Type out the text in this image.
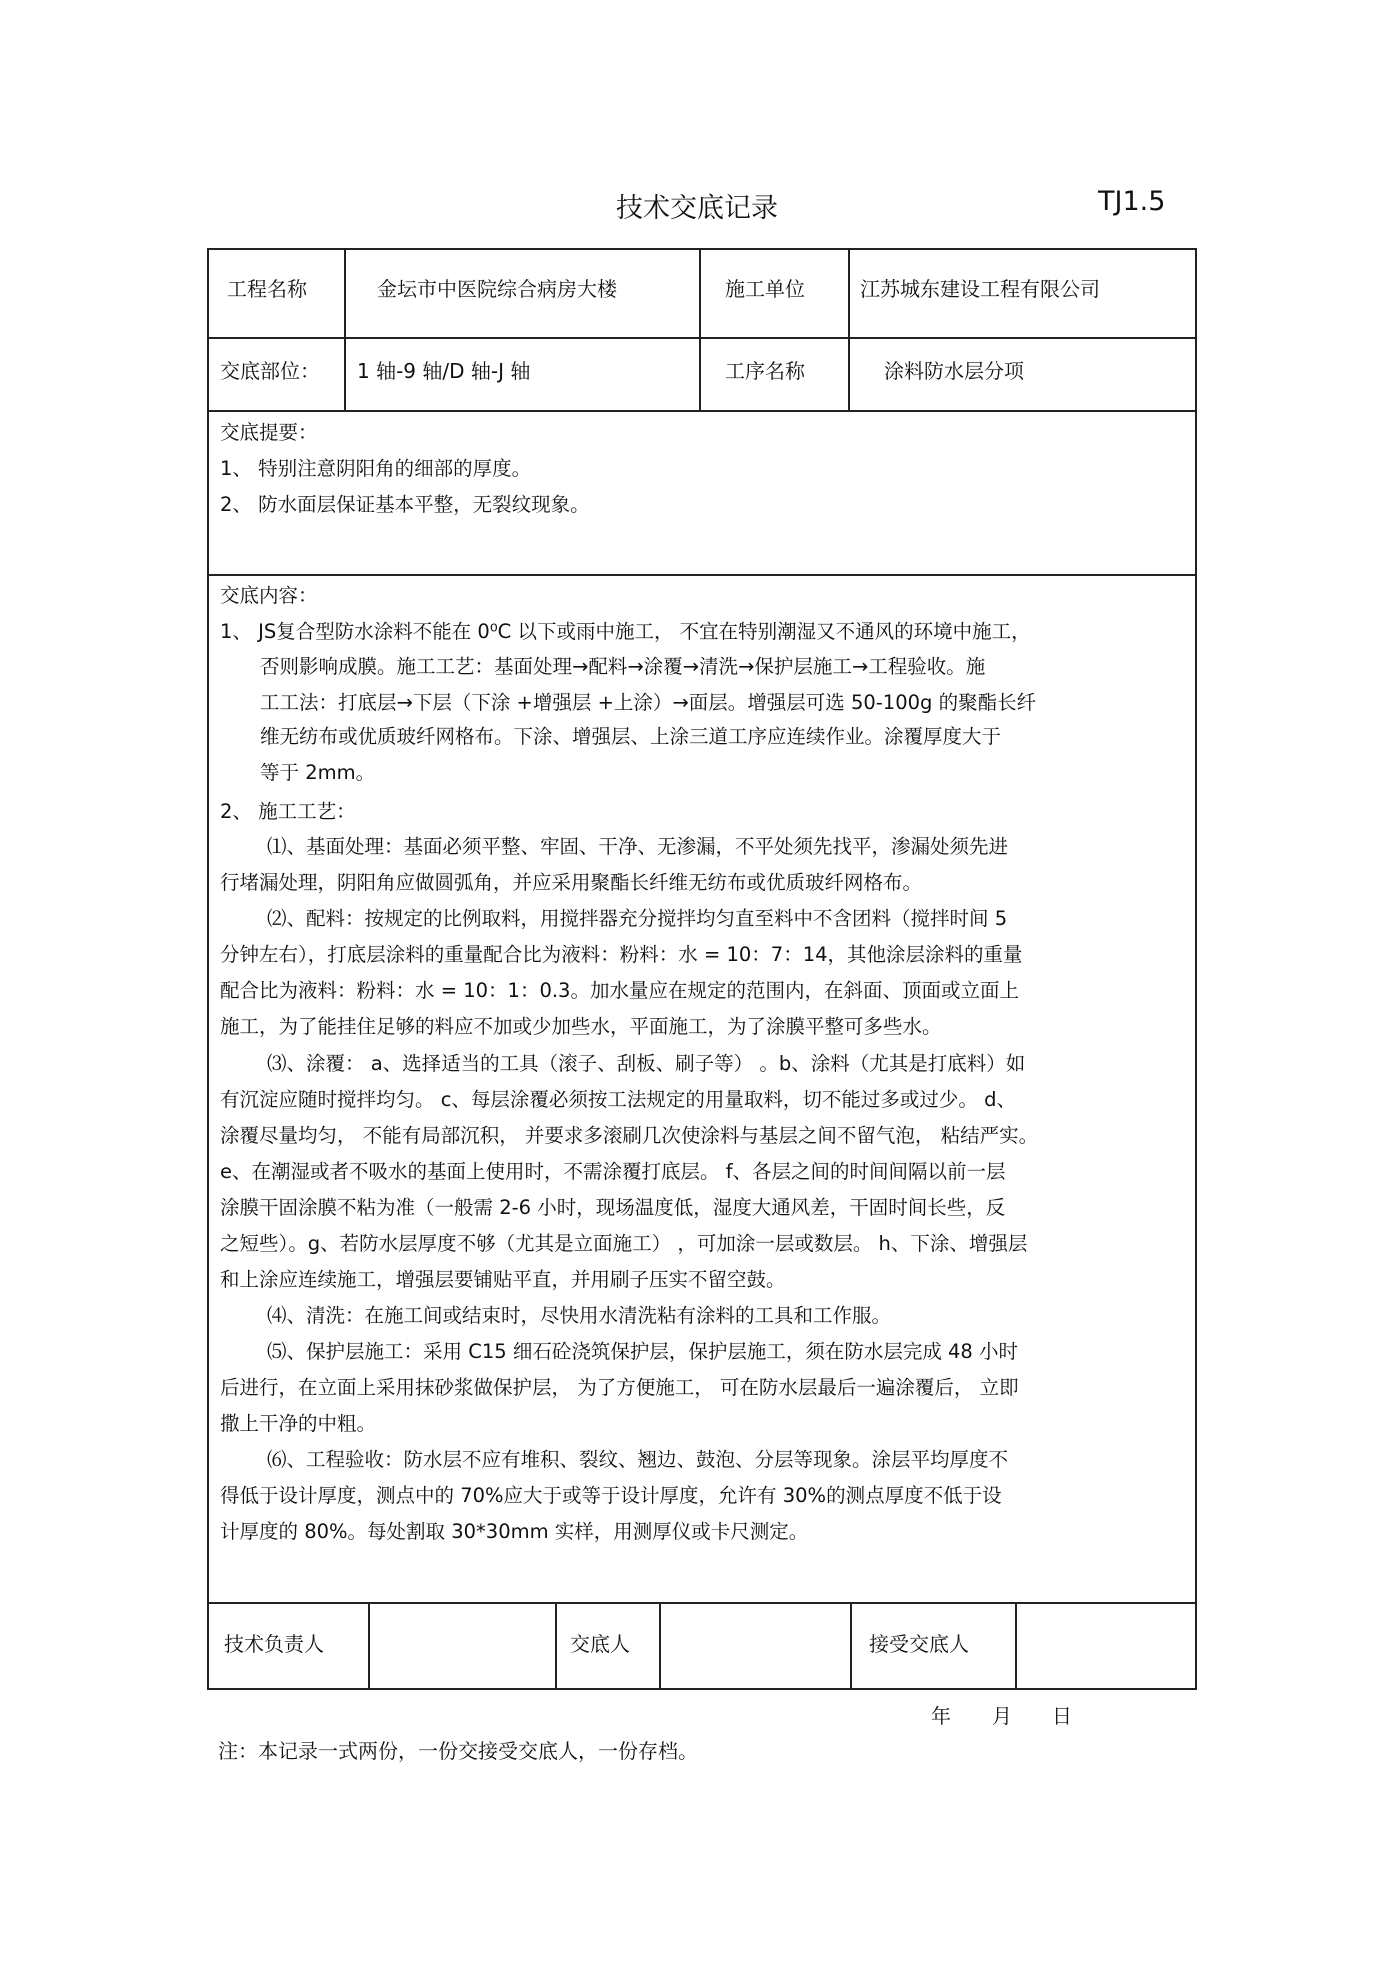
技术交底记录	TJ1.5
工程名称	金坛市中医院综合病房大楼	施工单位	江苏城东建设工程有限公司
交底部位： 1 轴-9 轴/D 轴-J 轴	工序名称	涂料防水层分项
交底提要：
1、 特别注意阴阳角的细部的厚度。
2、 防水面层保证基本平整，无裂纹现象。
交底内容：
1、 JS复合型防水涂料不能在 0⁰C 以下或雨中施工， 不宜在特别潮湿又不通风的环境中施工，
否则影响成膜。施工工艺：基面处理→配料→涂覆→清洗→保护层施工→工程验收。施
工工法：打底层→下层（下涂 +增强层 +上涂）→面层。增强层可选 50-100g 的聚酯长纤
维无纺布或优质玻纤网格布。下涂、增强层、上涂三道工序应连续作业。涂覆厚度大于
等于 2mm。
2、 施工工艺：
⑴、基面处理：基面必须平整、牢固、干净、无渗漏，不平处须先找平，渗漏处须先进
行堵漏处理，阴阳角应做圆弧角，并应采用聚酯长纤维无纺布或优质玻纤网格布。
⑵、配料：按规定的比例取料，用搅拌器充分搅拌均匀直至料中不含团料（搅拌时间 5
分钟左右），打底层涂料的重量配合比为液料：粉料：水 = 10：7：14，其他涂层涂料的重量
配合比为液料：粉料：水 = 10：1：0.3。加水量应在规定的范围内，在斜面、顶面或立面上
施工，为了能挂住足够的料应不加或少加些水，平面施工，为了涂膜平整可多些水。
⑶、涂覆： a、选择适当的工具（滚子、刮板、刷子等） 。b、涂料（尤其是打底料）如
有沉淀应随时搅拌均匀。 c、每层涂覆必须按工法规定的用量取料，切不能过多或过少。 d、
涂覆尽量均匀， 不能有局部沉积， 并要求多滚刷几次使涂料与基层之间不留气泡， 粘结严实。
e、在潮湿或者不吸水的基面上使用时，不需涂覆打底层。 f、各层之间的时间间隔以前一层
涂膜干固涂膜不粘为准（一般需 2-6 小时，现场温度低，湿度大通风差，干固时间长些，反
之短些）。g、若防水层厚度不够（尤其是立面施工） ，可加涂一层或数层。 h、下涂、增强层
和上涂应连续施工，增强层要铺贴平直，并用刷子压实不留空鼓。
⑷、清洗：在施工间或结束时，尽快用水清洗粘有涂料的工具和工作服。
⑸、保护层施工：采用 C15 细石砼浇筑保护层，保护层施工，须在防水层完成 48 小时
后进行，在立面上采用抹砂浆做保护层， 为了方便施工， 可在防水层最后一遍涂覆后， 立即
撒上干净的中粗。
⑹、工程验收：防水层不应有堆积、裂纹、翘边、鼓泡、分层等现象。涂层平均厚度不
得低于设计厚度，测点中的 70%应大于或等于设计厚度，允许有 30%的测点厚度不低于设
计厚度的 80%。每处割取 30*30mm 实样，用测厚仪或卡尺测定。
技术负责人	交底人	接受交底人
年 月 日
注：本记录一式两份，一份交接受交底人，一份存档。
